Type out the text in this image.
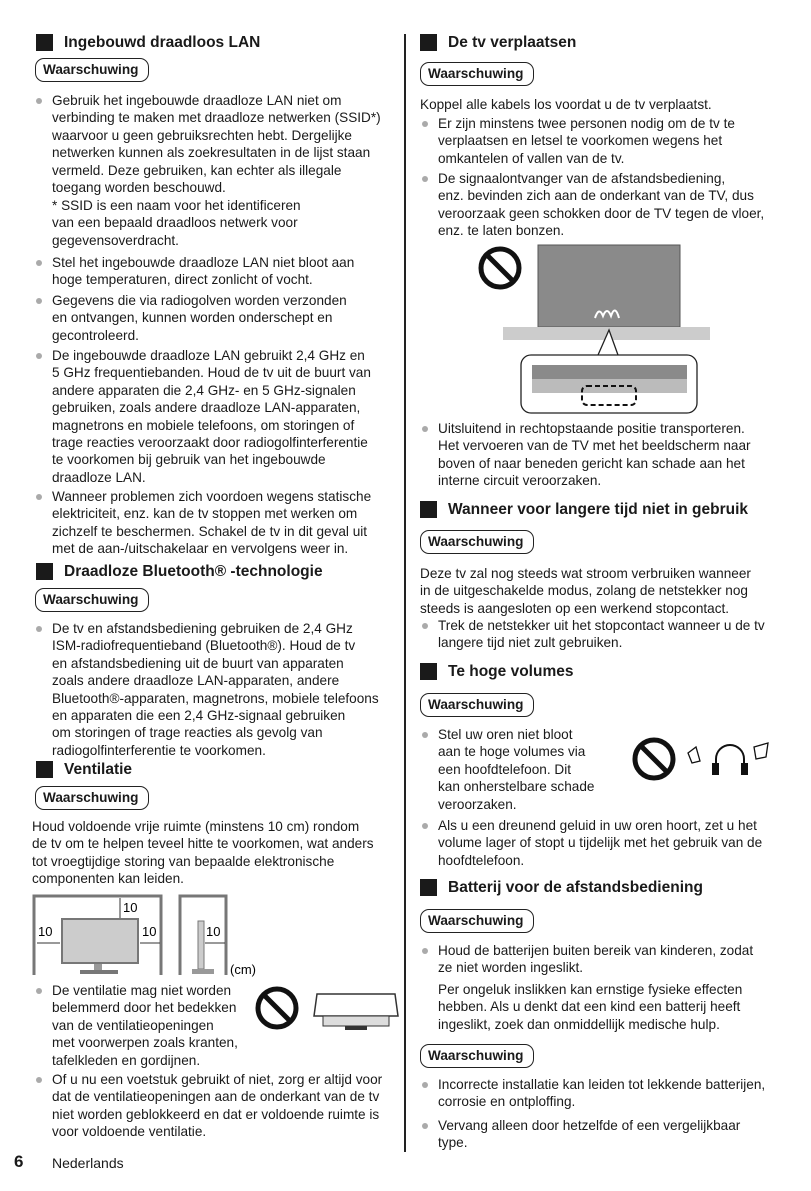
Ingebouwd draadloos LAN
Waarschuwing
Gebruik het ingebouwde draadloze LAN niet om
verbinding te maken met draadloze netwerken (SSID*)
waarvoor u geen gebruiksrechten hebt. Dergelijke
netwerken kunnen als zoekresultaten in de lijst staan
vermeld. Deze gebruiken, kan echter als illegale
toegang worden beschouwd.
* SSID is een naam voor het identificeren
van een bepaald draadloos netwerk voor
gegevensoverdracht.
Stel het ingebouwde draadloze LAN niet bloot aan
hoge temperaturen, direct zonlicht of vocht.
Gegevens die via radiogolven worden verzonden
en ontvangen, kunnen worden onderschept en
gecontroleerd.
De ingebouwde draadloze LAN gebruikt 2,4 GHz en
5 GHz frequentiebanden. Houd de tv uit de buurt van
andere apparaten die 2,4 GHz- en 5 GHz-signalen
gebruiken, zoals andere draadloze LAN-apparaten,
magnetrons en mobiele telefoons, om storingen of
trage reacties veroorzaakt door radiogolfinterferentie
te voorkomen bij gebruik van het ingebouwde
draadloze LAN.
Wanneer problemen zich voordoen wegens statische
elektriciteit, enz. kan de tv stoppen met werken om
zichzelf te beschermen. Schakel de tv in dit geval uit
met de aan-/uitschakelaar en vervolgens weer in.
Draadloze Bluetooth® -technologie
Waarschuwing
De tv en afstandsbediening gebruiken de 2,4 GHz
ISM-radiofrequentieband (Bluetooth®). Houd de tv
en afstandsbediening uit de buurt van apparaten
zoals andere draadloze LAN-apparaten, andere
Bluetooth®-apparaten, magnetrons, mobiele telefoons
en apparaten die een 2,4 GHz-signaal gebruiken
om storingen of trage reacties als gevolg van
radiogolfinterferentie te voorkomen.
Ventilatie
Waarschuwing
Houd voldoende vrije ruimte (minstens 10 cm) rondom
de tv om te helpen teveel hitte te voorkomen, wat anders
tot vroegtijdige storing van bepaalde elektronische
componenten kan leiden.
10
10	10	10
(cm)
De ventilatie mag niet worden
belemmerd door het bedekken
van de ventilatieopeningen
met voorwerpen zoals kranten,
tafelkleden en gordijnen.
Of u nu een voetstuk gebruikt of niet, zorg er altijd voor
dat de ventilatieopeningen aan de onderkant van de tv
niet worden geblokkeerd en dat er voldoende ruimte is
voor voldoende ventilatie.
De tv verplaatsen
Waarschuwing
Koppel alle kabels los voordat u de tv verplaatst.
Er zijn minstens twee personen nodig om de tv te
verplaatsen en letsel te voorkomen wegens het
omkantelen of vallen van de tv.
De signaalontvanger van de afstandsbediening,
enz. bevinden zich aan de onderkant van de TV, dus
veroorzaak geen schokken door de TV tegen de vloer,
enz. te laten bonzen.
Uitsluitend in rechtopstaande positie transporteren.
Het vervoeren van de TV met het beeldscherm naar
boven of naar beneden gericht kan schade aan het
interne circuit veroorzaken.
Wanneer voor langere tijd niet in gebruik
Waarschuwing
Deze tv zal nog steeds wat stroom verbruiken wanneer
in de uitgeschakelde modus, zolang de netstekker nog
steeds is aangesloten op een werkend stopcontact.
Trek de netstekker uit het stopcontact wanneer u de tv
langere tijd niet zult gebruiken.
Te hoge volumes
Waarschuwing
Stel uw oren niet bloot
aan te hoge volumes via
een hoofdtelefoon. Dit
kan onherstelbare schade
veroorzaken.
Als u een dreunend geluid in uw oren hoort, zet u het
volume lager of stopt u tijdelijk met het gebruik van de
hoofdtelefoon.
Batterij voor de afstandsbediening
Waarschuwing
Houd de batterijen buiten bereik van kinderen, zodat
ze niet worden ingeslikt.
Per ongeluk inslikken kan ernstige fysieke effecten
hebben. Als u denkt dat een kind een batterij heeft
ingeslikt, zoek dan onmiddellijk medische hulp.
Waarschuwing
Incorrecte installatie kan leiden tot lekkende batterijen,
corrosie en ontploffing.
Vervang alleen door hetzelfde of een vergelijkbaar
type.
6 Nederlands
